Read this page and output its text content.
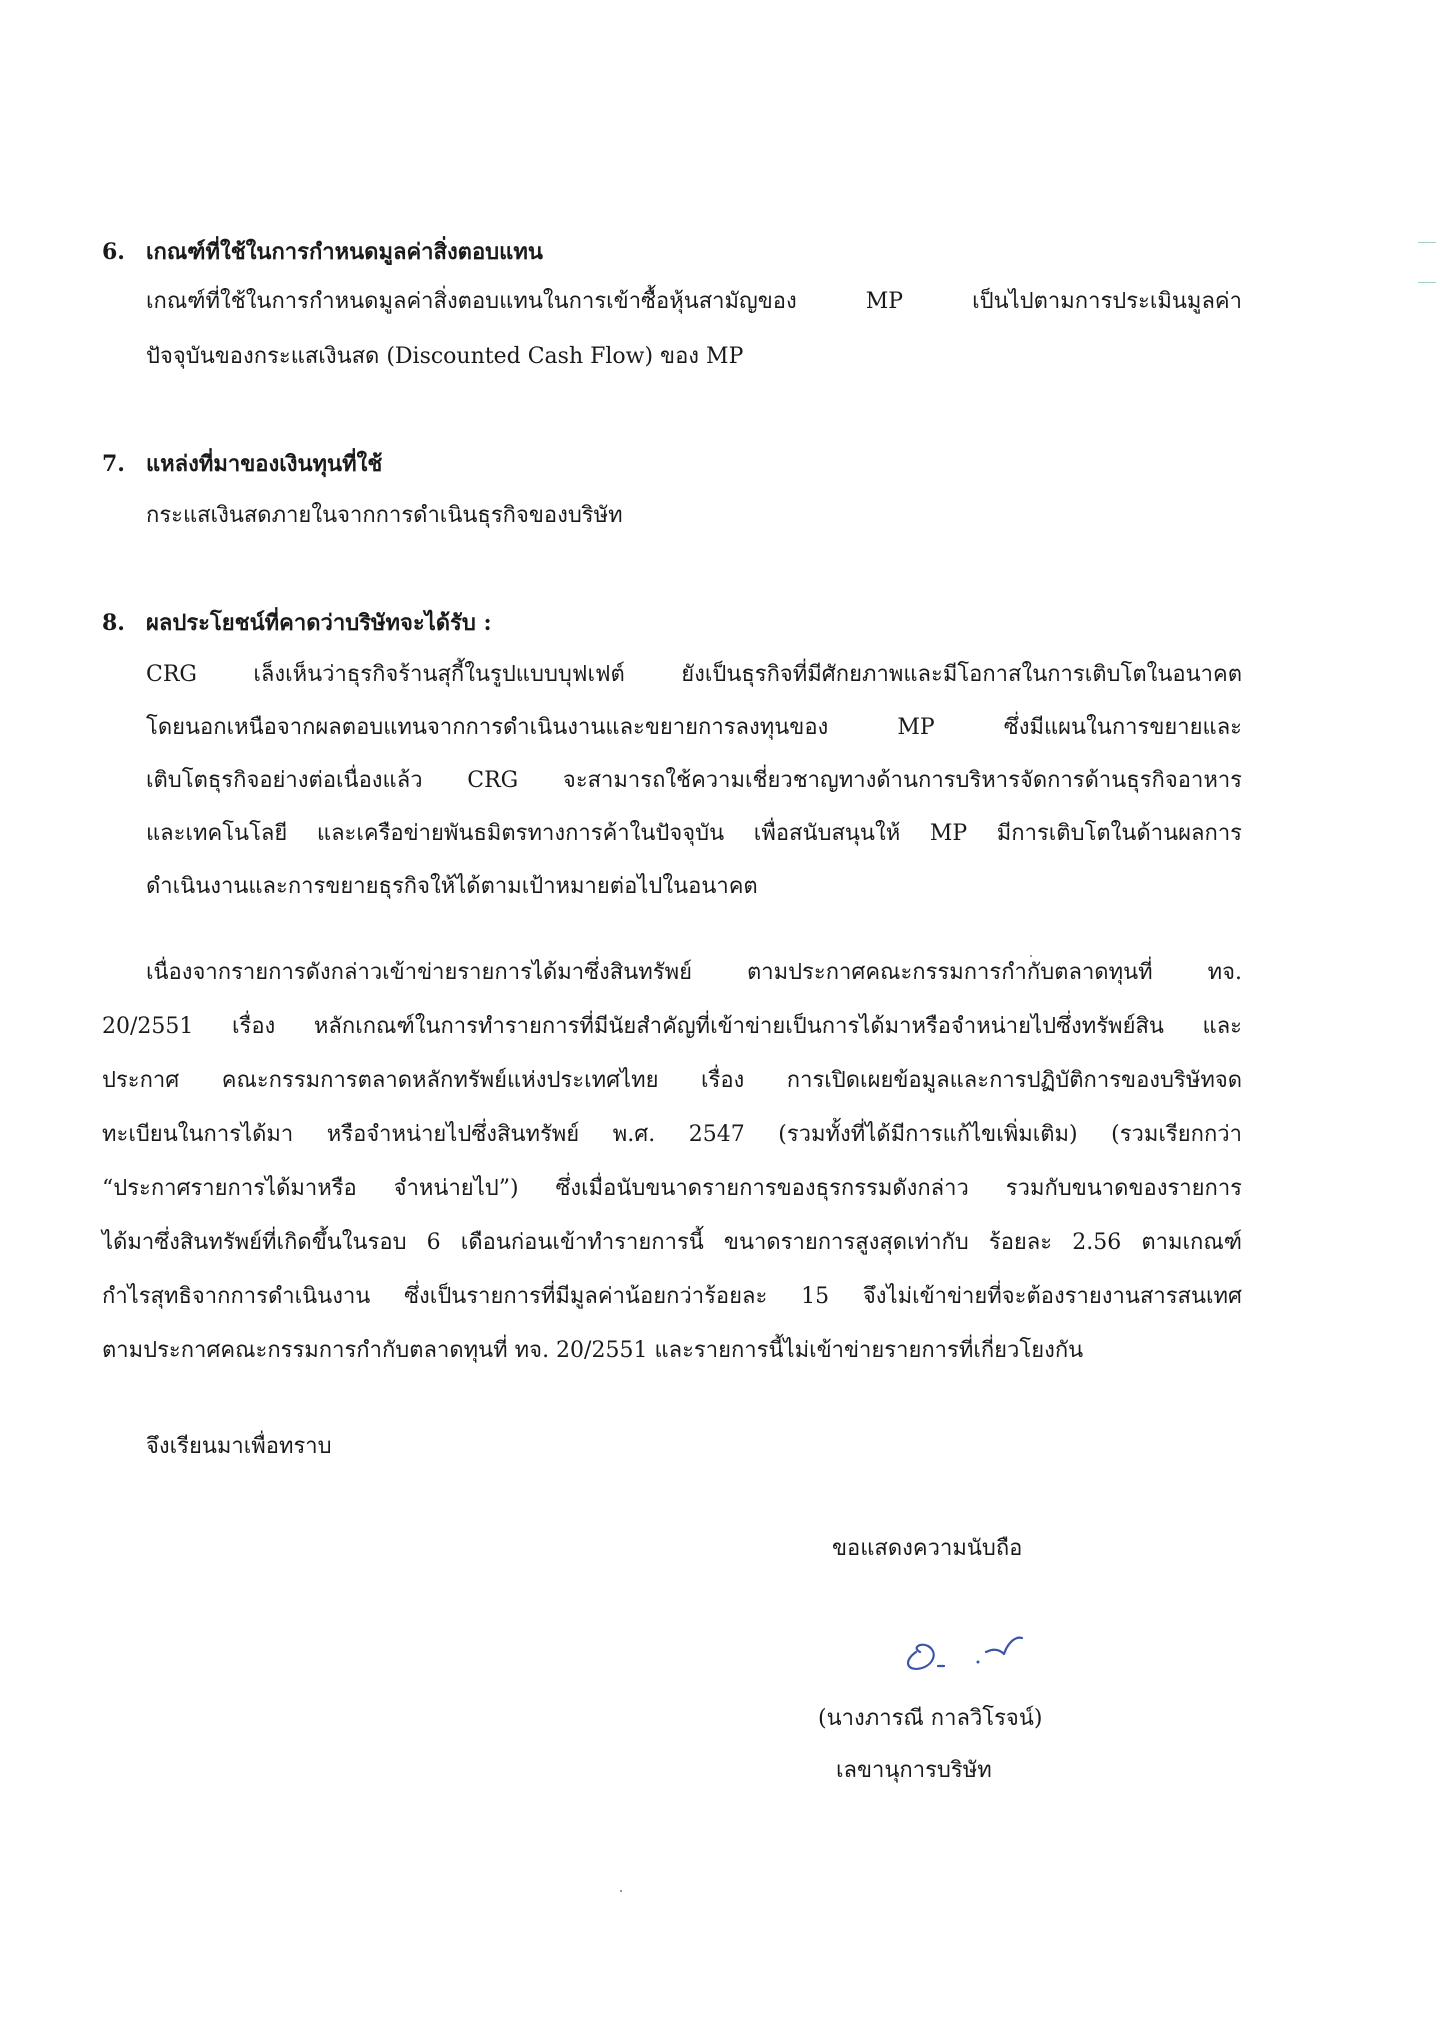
6. เกณฑ์ที่ใช้ในการกำหนดมูลค่าสิ่งตอบแทน
เกณฑ์ที่ใช้ในการกำหนดมูลค่าสิ่งตอบแทนในการเข้าซื้อหุ้นสามัญของ MP เป็นไปตามการประเมินมูลค่า
ปัจจุบันของกระแสเงินสด (Discounted Cash Flow) ของ MP
7. แหล่งที่มาของเงินทุนที่ใช้
กระแสเงินสดภายในจากการดำเนินธุรกิจของบริษัท
8. ผลประโยชน์ที่คาดว่าบริษัทจะได้รับ :
CRG เล็งเห็นว่าธุรกิจร้านสุกี้ในรูปแบบบุฟเฟต์ ยังเป็นธุรกิจที่มีศักยภาพและมีโอกาสในการเติบโตในอนาคต
โดยนอกเหนือจากผลตอบแทนจากการดำเนินงานและขยายการลงทุนของ MP ซึ่งมีแผนในการขยายและ
เติบโตธุรกิจอย่างต่อเนื่องแล้ว CRG จะสามารถใช้ความเชี่ยวชาญทางด้านการบริหารจัดการด้านธุรกิจอาหาร
และเทคโนโลยี และเครือข่ายพันธมิตรทางการค้าในปัจจุบัน เพื่อสนับสนุนให้ MP มีการเติบโตในด้านผลการ
ดำเนินงานและการขยายธุรกิจให้ได้ตามเป้าหมายต่อไปในอนาคต
เนื่องจากรายการดังกล่าวเข้าข่ายรายการได้มาซึ่งสินทรัพย์ ตามประกาศคณะกรรมการกำกับตลาดทุนที่ ทจ.
20/2551 เรื่อง หลักเกณฑ์ในการทำรายการที่มีนัยสำคัญที่เข้าข่ายเป็นการได้มาหรือจำหน่ายไปซึ่งทรัพย์สิน และ
ประกาศ คณะกรรมการตลาดหลักทรัพย์แห่งประเทศไทย เรื่อง การเปิดเผยข้อมูลและการปฏิบัติการของบริษัทจด
ทะเบียนในการได้มา หรือจำหน่ายไปซึ่งสินทรัพย์ พ.ศ. 2547 (รวมทั้งที่ได้มีการแก้ไขเพิ่มเติม) (รวมเรียกกว่า
“ประกาศรายการได้มาหรือ จำหน่ายไป”) ซึ่งเมื่อนับขนาดรายการของธุรกรรมดังกล่าว รวมกับขนาดของรายการ
ได้มาซึ่งสินทรัพย์ที่เกิดขึ้นในรอบ 6 เดือนก่อนเข้าทำรายการนี้ ขนาดรายการสูงสุดเท่ากับ ร้อยละ 2.56 ตามเกณฑ์
กำไรสุทธิจากการดำเนินงาน ซึ่งเป็นรายการที่มีมูลค่าน้อยกว่าร้อยละ 15 จึงไม่เข้าข่ายที่จะต้องรายงานสารสนเทศ
ตามประกาศคณะกรรมการกำกับตลาดทุนที่ ทจ. 20/2551 และรายการนี้ไม่เข้าข่ายรายการที่เกี่ยวโยงกัน
จึงเรียนมาเพื่อทราบ
ขอแสดงความนับถือ
(นางภารณี กาลวิโรจน์)
เลขานุการบริษัท
